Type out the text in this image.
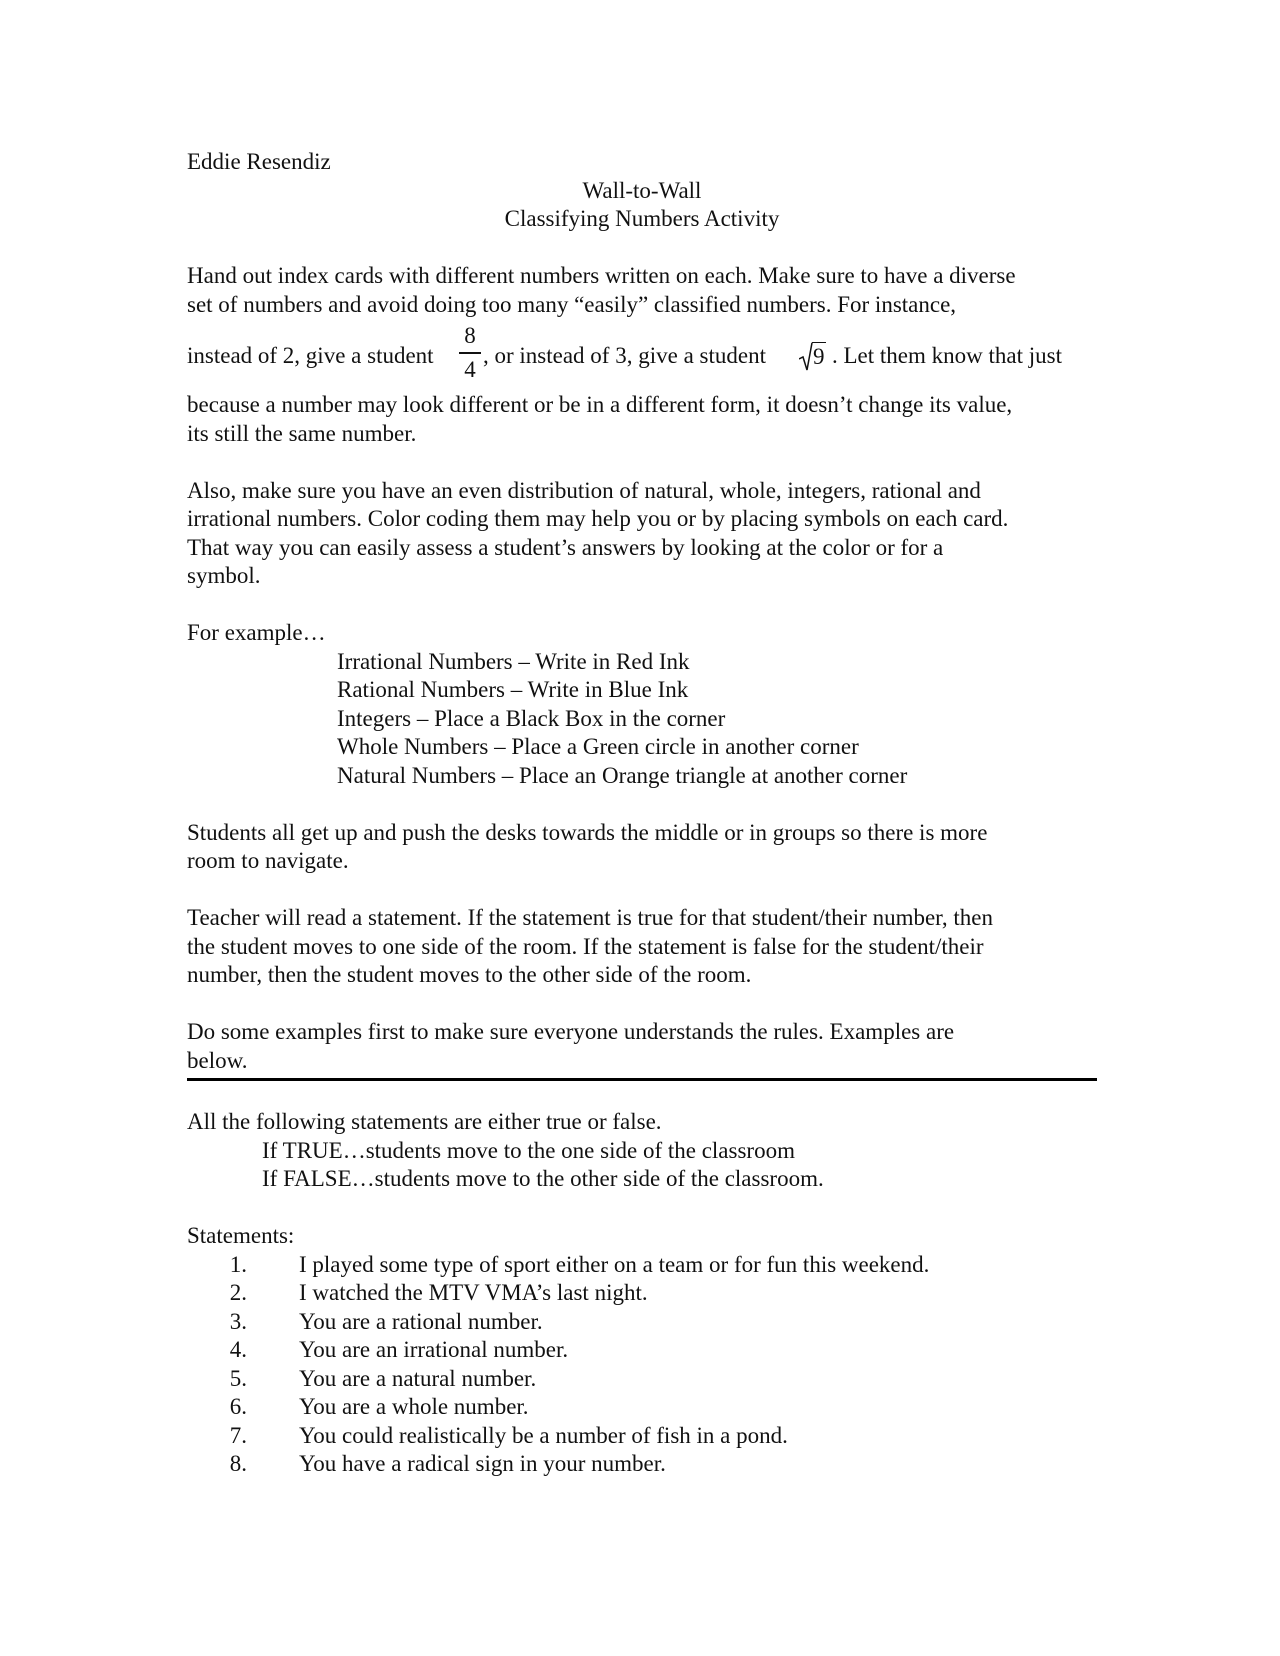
Eddie Resendiz
Wall-to-Wall
Classifying Numbers Activity
Hand out index cards with different numbers written on each. Make sure to have a diverse
set of numbers and avoid doing too many “easily” classified numbers. For instance,
instead of 2, give a student
8
4
, or instead of 3, give a student 9 . Let them know that just
because a number may look different or be in a different form, it doesn’t change its value,
its still the same number.
Also, make sure you have an even distribution of natural, whole, integers, rational and
irrational numbers. Color coding them may help you or by placing symbols on each card.
That way you can easily assess a student’s answers by looking at the color or for a
symbol.
For example…
Irrational Numbers – Write in Red Ink
Rational Numbers – Write in Blue Ink
Integers – Place a Black Box in the corner
Whole Numbers – Place a Green circle in another corner
Natural Numbers – Place an Orange triangle at another corner
Students all get up and push the desks towards the middle or in groups so there is more
room to navigate.
Teacher will read a statement. If the statement is true for that student/their number, then
the student moves to one side of the room. If the statement is false for the student/their
number, then the student moves to the other side of the room.
Do some examples first to make sure everyone understands the rules. Examples are
below.
All the following statements are either true or false.
If TRUE…students move to the one side of the classroom
If FALSE…students move to the other side of the classroom.
Statements:
1.	I played some type of sport either on a team or for fun this weekend.
2.	I watched the MTV VMA’s last night.
3.	You are a rational number.
4.	You are an irrational number.
5.	You are a natural number.
6.	You are a whole number.
7.	You could realistically be a number of fish in a pond.
8.	You have a radical sign in your number.
